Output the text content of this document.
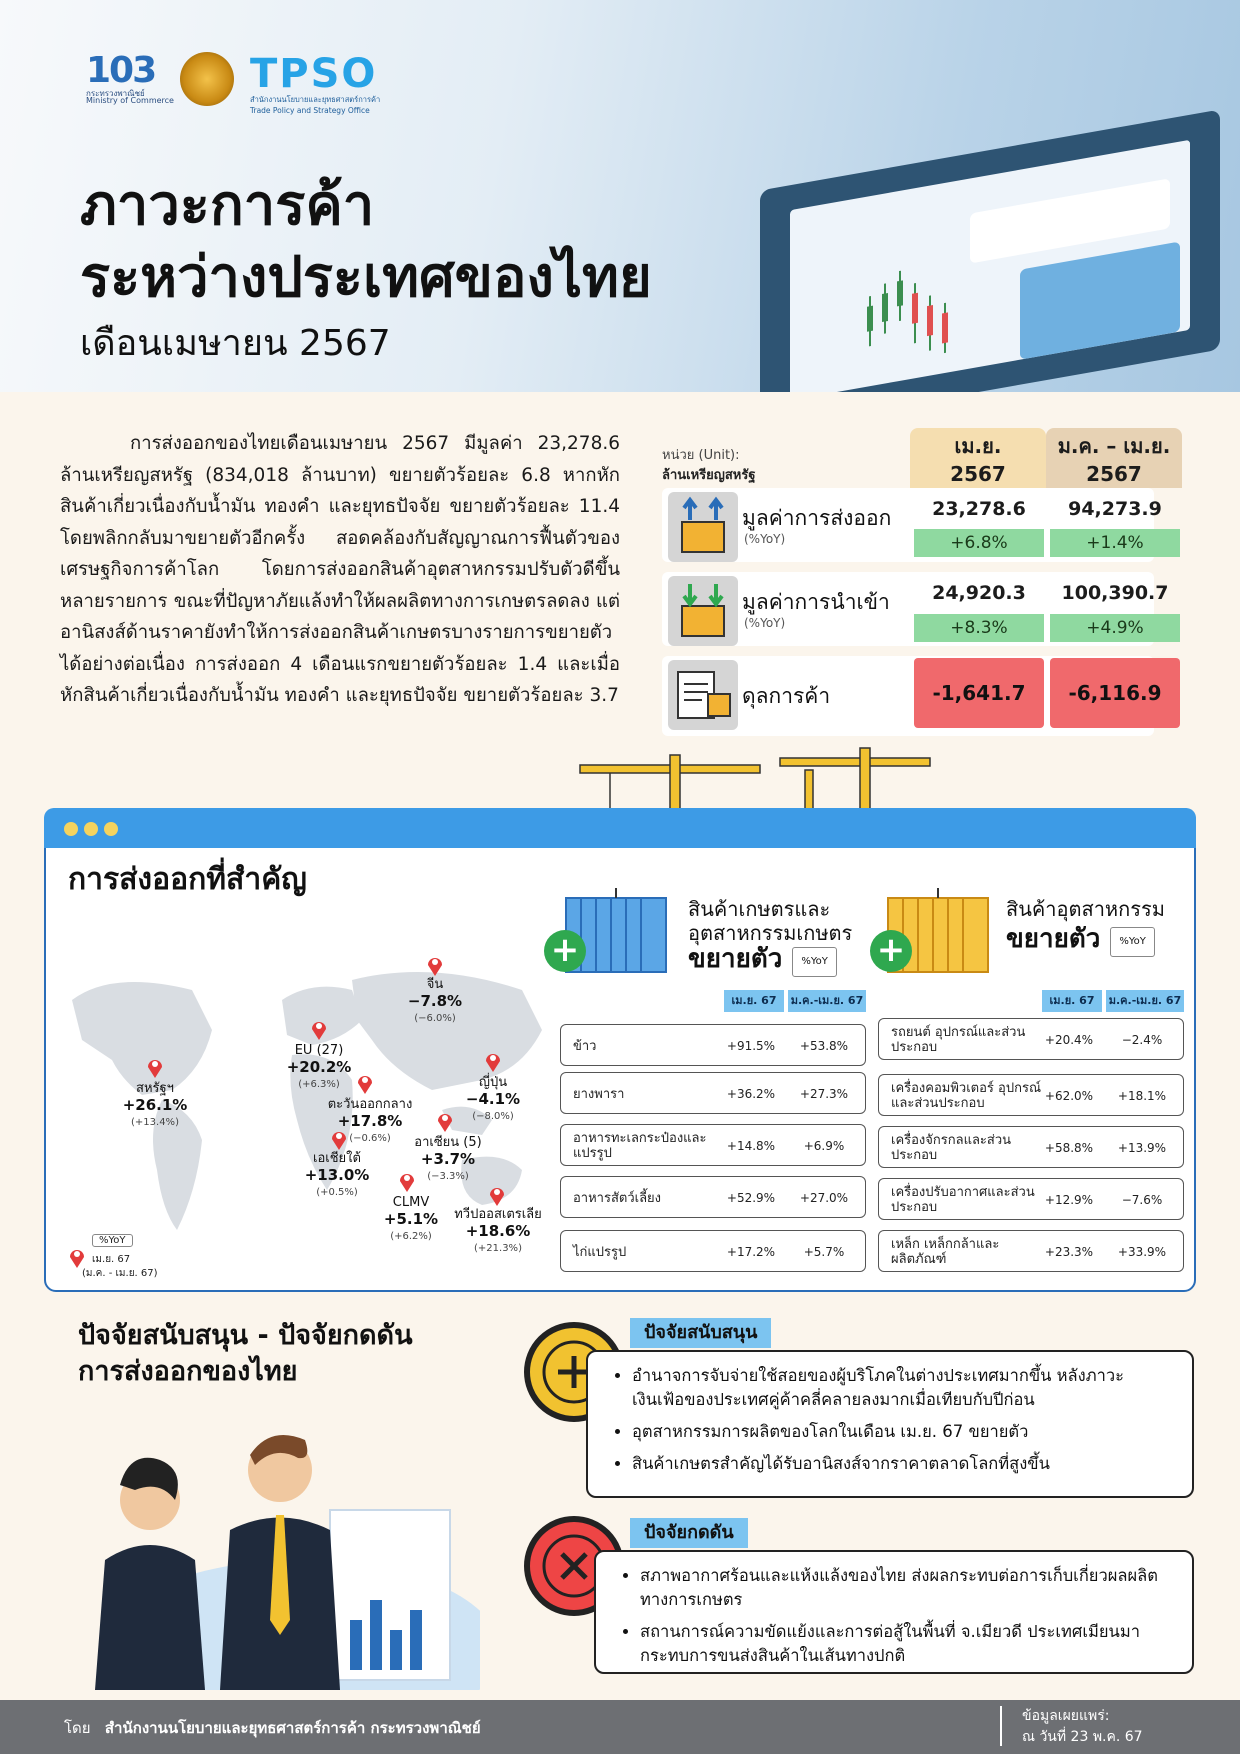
103
กระทรวงพาณิชย์
Ministry of Commerce
TPSO
สำนักงานนโยบายและยุทธศาสตร์การค้า
Trade Policy and Strategy Office
ภาวะการค้า
ระหว่างประเทศของไทย
เดือนเมษายน 2567

การส่งออกของไทยเดือนเมษายน 2567 มีมูลค่า 23,278.6 ล้านเหรียญสหรัฐ (834,018 ล้านบาท) ขยายตัวร้อยละ 6.8 หากหักสินค้าเกี่ยวเนื่องกับน้ำมัน ทองคำ และยุทธปัจจัย ขยายตัวร้อยละ 11.4 โดยพลิกกลับมาขยายตัวอีกครั้ง สอดคล้องกับสัญญาณการฟื้นตัวของเศรษฐกิจการค้าโลก โดยการส่งออกสินค้าอุตสาหกรรมปรับตัวดีขึ้นหลายรายการ ขณะที่ปัญหาภัยแล้งทำให้ผลผลิตทางการเกษตรลดลง แต่อานิสงส์ด้านราคายังทำให้การส่งออกสินค้าเกษตรบางรายการขยายตัวได้อย่างต่อเนื่อง การส่งออก 4 เดือนแรกขยายตัวร้อยละ 1.4 และเมื่อหักสินค้าเกี่ยวเนื่องกับน้ำมัน ทองคำ และยุทธปัจจัย ขยายตัวร้อยละ 3.7

หน่วย (Unit):
ล้านเหรียญสหรัฐ
เม.ย.
2567
ม.ค. – เม.ย.
2567
มูลค่าการส่งออก
(%YoY)
23,278.6	94,273.9
+6.8%	+1.4%
มูลค่าการนำเข้า
(%YoY)
24,920.3	100,390.7
+8.3%	+4.9%
ดุลการค้า	-1,641.7	-6,116.9
การส่งออกที่สำคัญ
สหรัฐฯ
+26.1%
(+13.4%)
EU (27)
+20.2%
(+6.3%)
ตะวันออกกลาง
+17.8%
(−0.6%)
เอเชียใต้
+13.0%
(+0.5%)
CLMV
+5.1%
(+6.2%)
จีน
−7.8%
(−6.0%)
ญี่ปุ่น
−4.1%
(−8.0%)
อาเซียน (5)
+3.7%
(−3.3%)
ทวีปออสเตรเลีย
+18.6%
(+21.3%)
%YoY
เม.ย. 67
(ม.ค. - เม.ย. 67)
+
สินค้าเกษตรและ
อุตสาหกรรมเกษตร
ขยายตัว %YoY
เม.ย. 67	ม.ค.-เม.ย. 67
ข้าว	+91.5%	+53.8%
ยางพารา	+36.2%	+27.3%
อาหารทะเลกระป๋องและแปรรูป	+14.8%	+6.9%
อาหารสัตว์เลี้ยง	+52.9%	+27.0%
ไก่แปรรูป	+17.2%	+5.7%
+
สินค้าอุตสาหกรรม
ขยายตัว %YoY
เม.ย. 67	ม.ค.-เม.ย. 67
รถยนต์ อุปกรณ์และส่วนประกอบ	+20.4%	−2.4%
เครื่องคอมพิวเตอร์ อุปกรณ์และส่วนประกอบ	+62.0%	+18.1%
เครื่องจักรกลและส่วนประกอบ	+58.8%	+13.9%
เครื่องปรับอากาศและส่วนประกอบ	+12.9%	−7.6%
เหล็ก เหล็กกล้าและผลิตภัณฑ์	+23.3%	+33.9%
ปัจจัยสนับสนุน - ปัจจัยกดดัน
การส่งออกของไทย
ปัจจัยสนับสนุน
• อำนาจการจับจ่ายใช้สอยของผู้บริโภคในต่างประเทศมากขึ้น หลังภาวะเงินเฟ้อของประเทศคู่ค้าคลี่คลายลงมากเมื่อเทียบกับปีก่อน
• อุตสาหกรรมการผลิตของโลกในเดือน เม.ย. 67 ขยายตัว
• สินค้าเกษตรสำคัญได้รับอานิสงส์จากราคาตลาดโลกที่สูงขึ้น
ปัจจัยกดดัน
• สภาพอากาศร้อนและแห้งแล้งของไทย ส่งผลกระทบต่อการเก็บเกี่ยวผลผลิตทางการเกษตร
• สถานการณ์ความขัดแย้งและการต่อสู้ในพื้นที่ จ.เมียวดี ประเทศเมียนมา กระทบการขนส่งสินค้าในเส้นทางปกติ
โดย สำนักงานนโยบายและยุทธศาสตร์การค้า กระทรวงพาณิชย์
ข้อมูลเผยแพร่:
ณ วันที่ 23 พ.ค. 67
